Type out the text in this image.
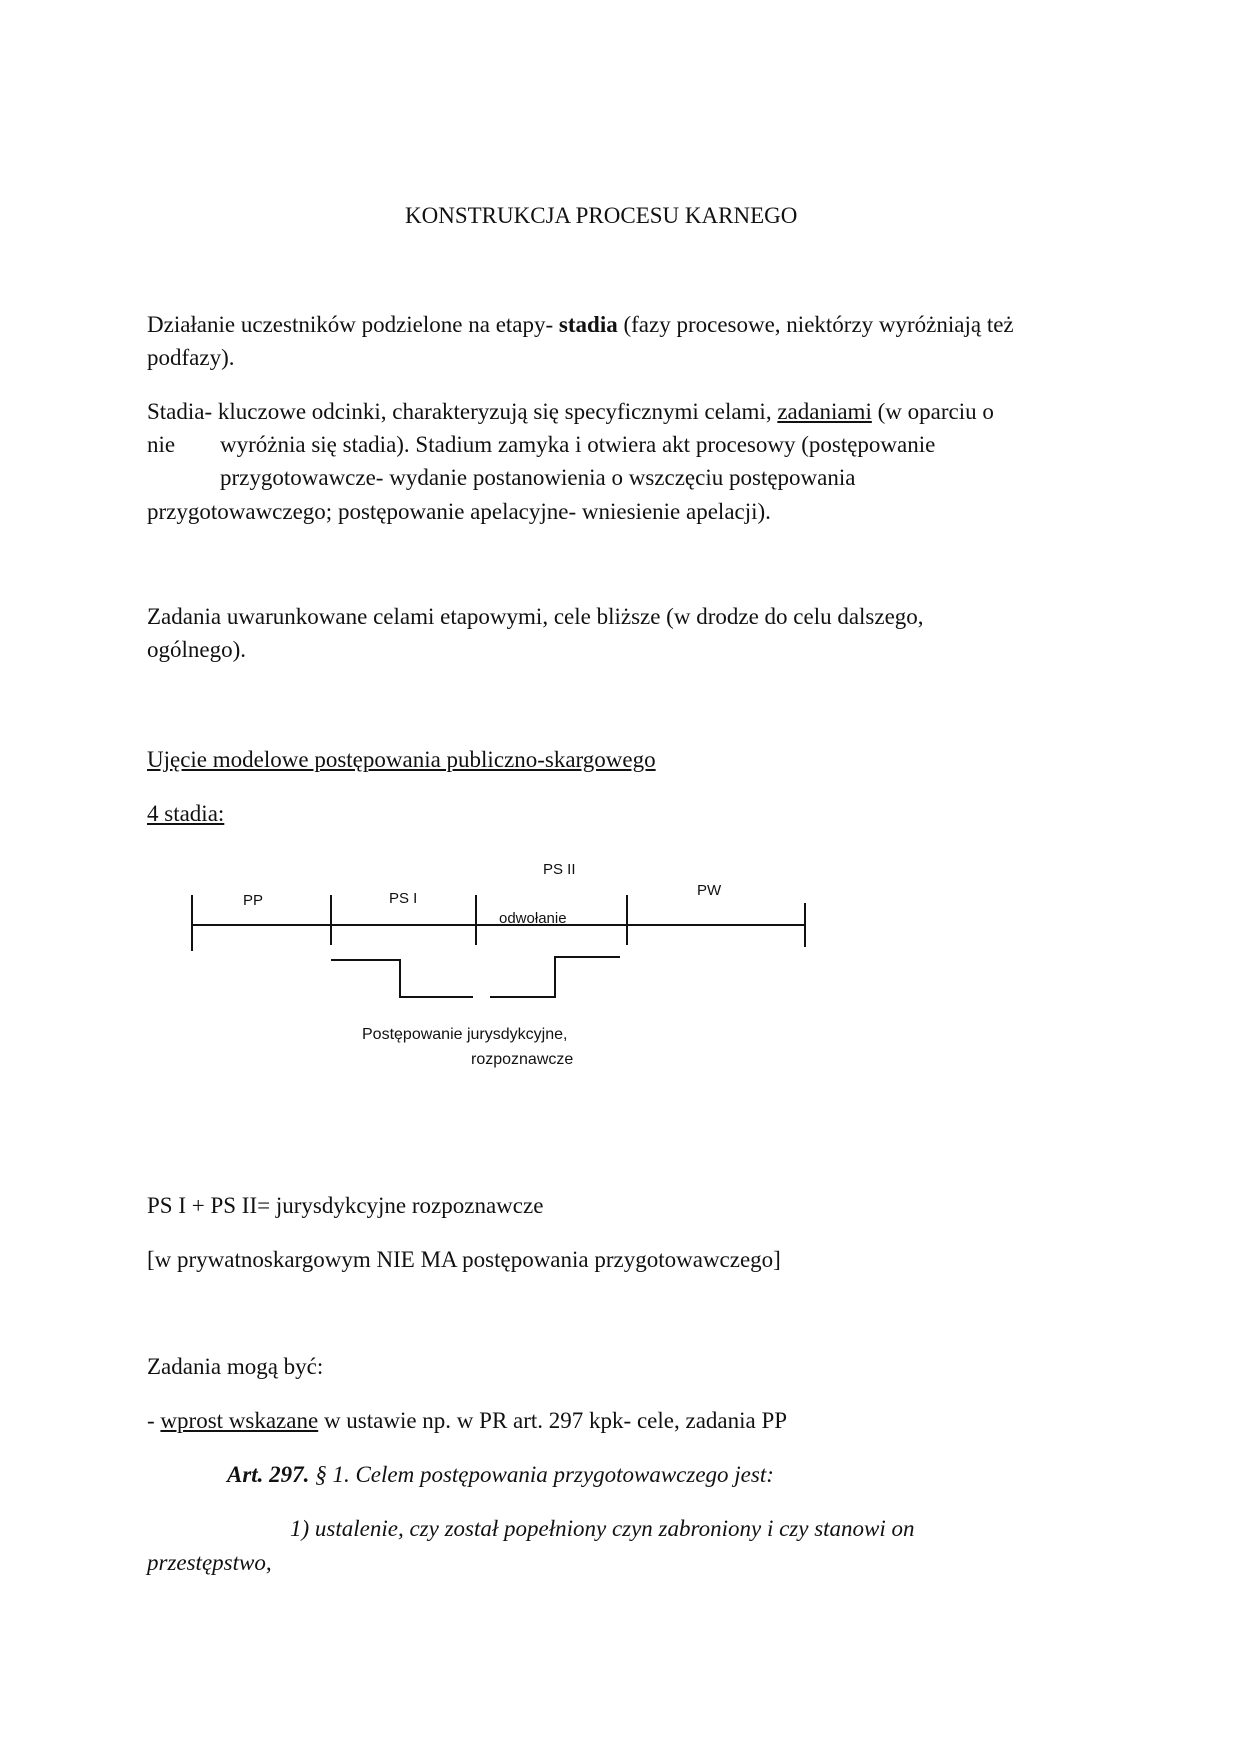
KONSTRUKCJA PROCESU KARNEGO

Działanie uczestników podzielone na etapy- stadia (fazy procesowe, niektórzy wyróżniają też

podfazy).

Stadia- kluczowe odcinki, charakteryzują się specyficznymi celami, zadaniami (w oparciu o

nie wyróżnia się stadia). Stadium zamyka i otwiera akt procesowy (postępowanie

przygotowawcze- wydanie postanowienia o wszczęciu postępowania

przygotowawczego; postępowanie apelacyjne- wniesienie apelacji).

Zadania uwarunkowane celami etapowymi, cele bliższe (w drodze do celu dalszego,

ogólnego).

Ujęcie modelowe postępowania publiczno-skargowego

4 stadia:

PP	PS I
PS II
odwołanie
PW
Postępowanie jurysdykcyjne,
rozpoznawcze

PS I + PS II= jurysdykcyjne rozpoznawcze

[w prywatnoskargowym NIE MA postępowania przygotowawczego]

Zadania mogą być:

- wprost wskazane w ustawie np. w PR art. 297 kpk- cele, zadania PP

Art. 297. § 1. Celem postępowania przygotowawczego jest:

1) ustalenie, czy został popełniony czyn zabroniony i czy stanowi on

przestępstwo,
